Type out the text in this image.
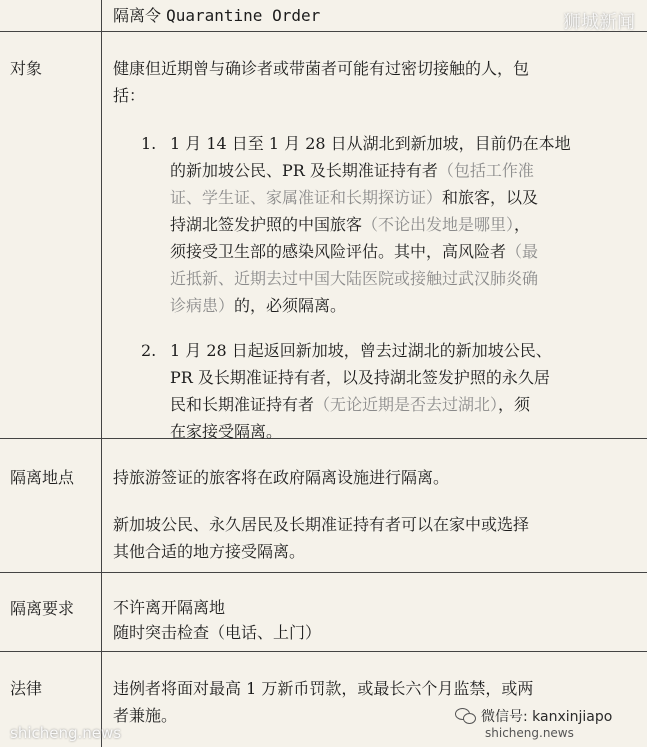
隔离令 Quarantine Order
对象	健康但近期曾与确诊者或带菌者可能有过密切接触的人，包
括：
1. 1 月 14 日至 1 月 28 日从湖北到新加坡，目前仍在本地
的新加坡公民、PR 及长期准证持有者（包括工作准
证、学生证、家属准证和长期探访证）和旅客，以及
持湖北签发护照的中国旅客（不论出发地是哪里），
须接受卫生部的感染风险评估。其中，高风险者（最
近抵新、近期去过中国大陆医院或接触过武汉肺炎确
诊病患）的，必须隔离。
2. 1 月 28 日起返回新加坡，曾去过湖北的新加坡公民、
PR 及长期准证持有者，以及持湖北签发护照的永久居
民和长期准证持有者（无论近期是否去过湖北），须
在家接受隔离。
隔离地点 持旅游签证的旅客将在政府隔离设施进行隔离。
新加坡公民、永久居民及长期准证持有者可以在家中或选择
其他合适的地方接受隔离。
隔离要求 不许离开隔离地
随时突击检查（电话、上门）
法律	违例者将面对最高 1 万新币罚款，或最长六个月监禁，或两
者兼施。
狮城新闻
shicheng.news
微信号: kanxinjiapo
shicheng.news
